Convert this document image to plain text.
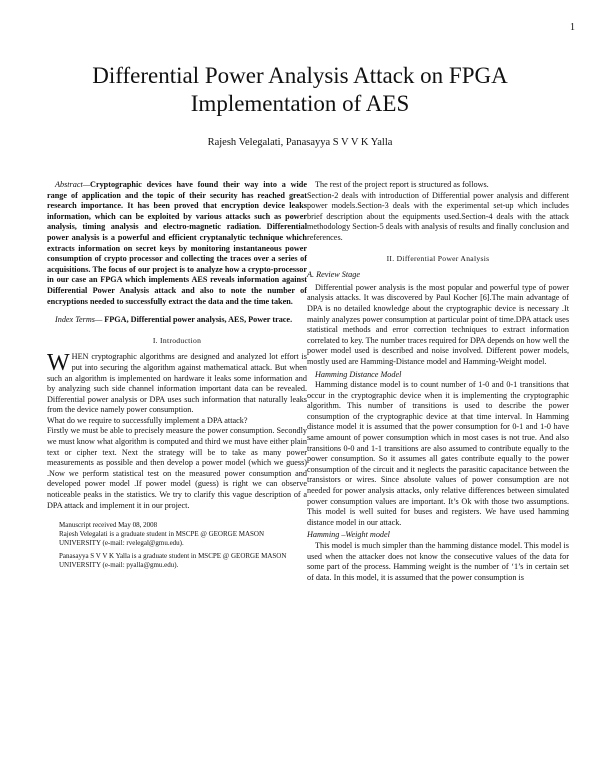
1
Differential Power Analysis Attack on FPGA
Implementation of AES
Rajesh Velegalati, Panasayya S V V K Yalla

Abstract—Cryptographic devices have found their way into a wide range of application and the topic of their security has reached great research importance. It has been proved that encryption device leaks information, which can be exploited by various attacks such as power analysis, timing analysis and electro-magnetic radiation. Differential power analysis is a powerful and efficient cryptanalytic technique which extracts information on secret keys by monitoring instantaneous power consumption of crypto processor and collecting the traces over a series of acquisitions. The focus of our project is to analyze how a crypto-processor in our case an FPGA which implements AES reveals information against Differential Power Analysis attack and also to note the number of encryptions needed to successfully extract the data and the time taken.

Index Terms— FPGA, Differential power analysis, AES, Power trace.

I. Introduction

WHEN cryptographic algorithms are designed and analyzed lot effort is put into securing the algorithm against mathematical attack. But when such an algorithm is implemented on hardware it leaks some information and by analyzing such side channel information important data can be revealed. Differential power analysis or DPA uses such information that naturally leaks from the device namely power consumption.

What do we require to successfully implement a DPA attack?

Firstly we must be able to precisely measure the power consumption. Secondly we must know what algorithm is computed and third we must have either plain text or cipher text. Next the strategy will be to take as many power measurements as possible and then develop a power model (which we guess) .Now we perform statistical test on the measured power consumption and developed power model .If power model (guess) is right we can observe noticeable peaks in the statistics. We try to clarify this vague description of a DPA attack and implement it in our project.

Manuscript received May 08, 2008
Rajesh Velegalati is a graduate student in MSCPE @ GEORGE MASON UNIVERSITY (e-mail: rvelegal@gmu.edu).

Panasayya S V V K Yalla is a graduate student in MSCPE @ GEORGE MASON UNIVERSITY (e-mail: pyalla@gmu.edu).

The rest of the project report is structured as follows.

Section-2 deals with introduction of Differential power analysis and different power models.Section-3 deals with the experimental set-up which includes brief description about the equipments used.Section-4 deals with the attack methodology Section-5 deals with analysis of results and finally conclusion and references.

II. Differential Power Analysis

A. Review Stage

Differential power analysis is the most popular and powerful type of power analysis attacks. It was discovered by Paul Kocher [6].The main advantage of DPA is no detailed knowledge about the cryptographic device is necessary .It mainly analyzes power consumption at particular point of time.DPA attack uses statistical methods and error correction techniques to extract information correlated to key. The number traces required for DPA depends on how well the power model used is described and noise involved. Different power models, mostly used are Hamming-Distance model and Hamming-Weight model.

Hamming Distance Model

Hamming distance model is to count number of 1-0 and 0-1 transitions that occur in the cryptographic device when it is implementing the cryptographic algorithm. This number of transitions is used to describe the power consumption of the cryptographic device at that time interval. In Hamming distance model it is assumed that the power consumption for 0-1 and 1-0 have same amount of power consumption which in most cases is not true. And also transitions 0-0 and 1-1 transitions are also assumed to contribute equally to the power consumption. So it assumes all gates contribute equally to the power consumption of the circuit and it neglects the parasitic capacitance between the transistors or wires. Since absolute values of power consumption are not needed for power analysis attacks, only relative differences between simulated power consumption values are important. It’s Ok with those two assumptions. This model is well suited for buses and registers. We have used hamming distance model in our attack.

Hamming –Weight model

This model is much simpler than the hamming distance model. This model is used when the attacker does not know the consecutive values of the data for some part of the process. Hamming weight is the number of ‘1’s in certain set of data. In this model, it is assumed that the power consumption is
